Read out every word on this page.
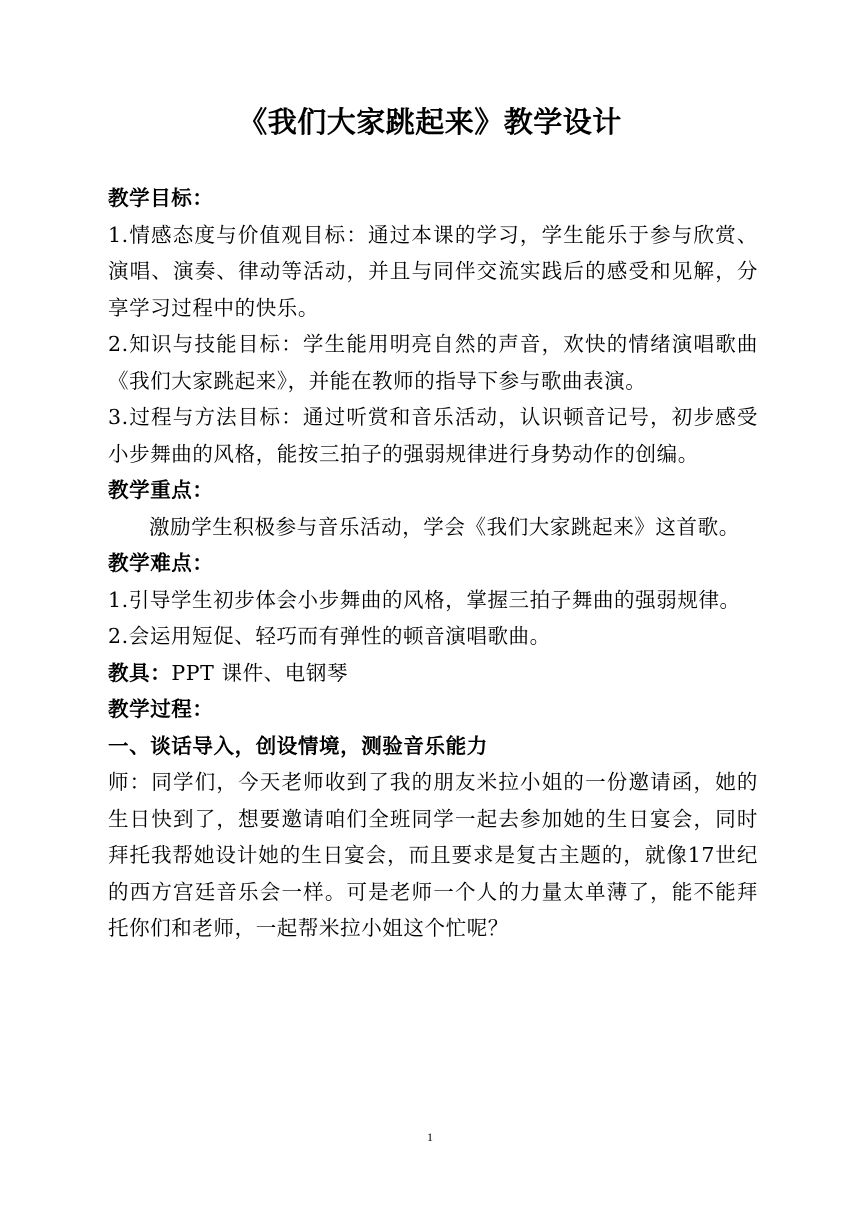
《我们大家跳起来》教学设计

教学目标：

1.情感态度与价值观目标：通过本课的学习，学生能乐于参与欣赏、演唱、演奏、律动等活动，并且与同伴交流实践后的感受和见解，分享学习过程中的快乐。

2.知识与技能目标：学生能用明亮自然的声音，欢快的情绪演唱歌曲《我们大家跳起来》，并能在教师的指导下参与歌曲表演。

3.过程与方法目标：通过听赏和音乐活动，认识顿音记号，初步感受小步舞曲的风格，能按三拍子的强弱规律进行身势动作的创编。

教学重点：

激励学生积极参与音乐活动，学会《我们大家跳起来》这首歌。

教学难点：

1.引导学生初步体会小步舞曲的风格，掌握三拍子舞曲的强弱规律。

2.会运用短促、轻巧而有弹性的顿音演唱歌曲。

教具：PPT 课件、电钢琴

教学过程：

一、谈话导入，创设情境，测验音乐能力

师：同学们，今天老师收到了我的朋友米拉小姐的一份邀请函，她的生日快到了，想要邀请咱们全班同学一起去参加她的生日宴会，同时拜托我帮她设计她的生日宴会，而且要求是复古主题的，就像17世纪的西方宫廷音乐会一样。可是老师一个人的力量太单薄了，能不能拜托你们和老师，一起帮米拉小姐这个忙呢？

1
